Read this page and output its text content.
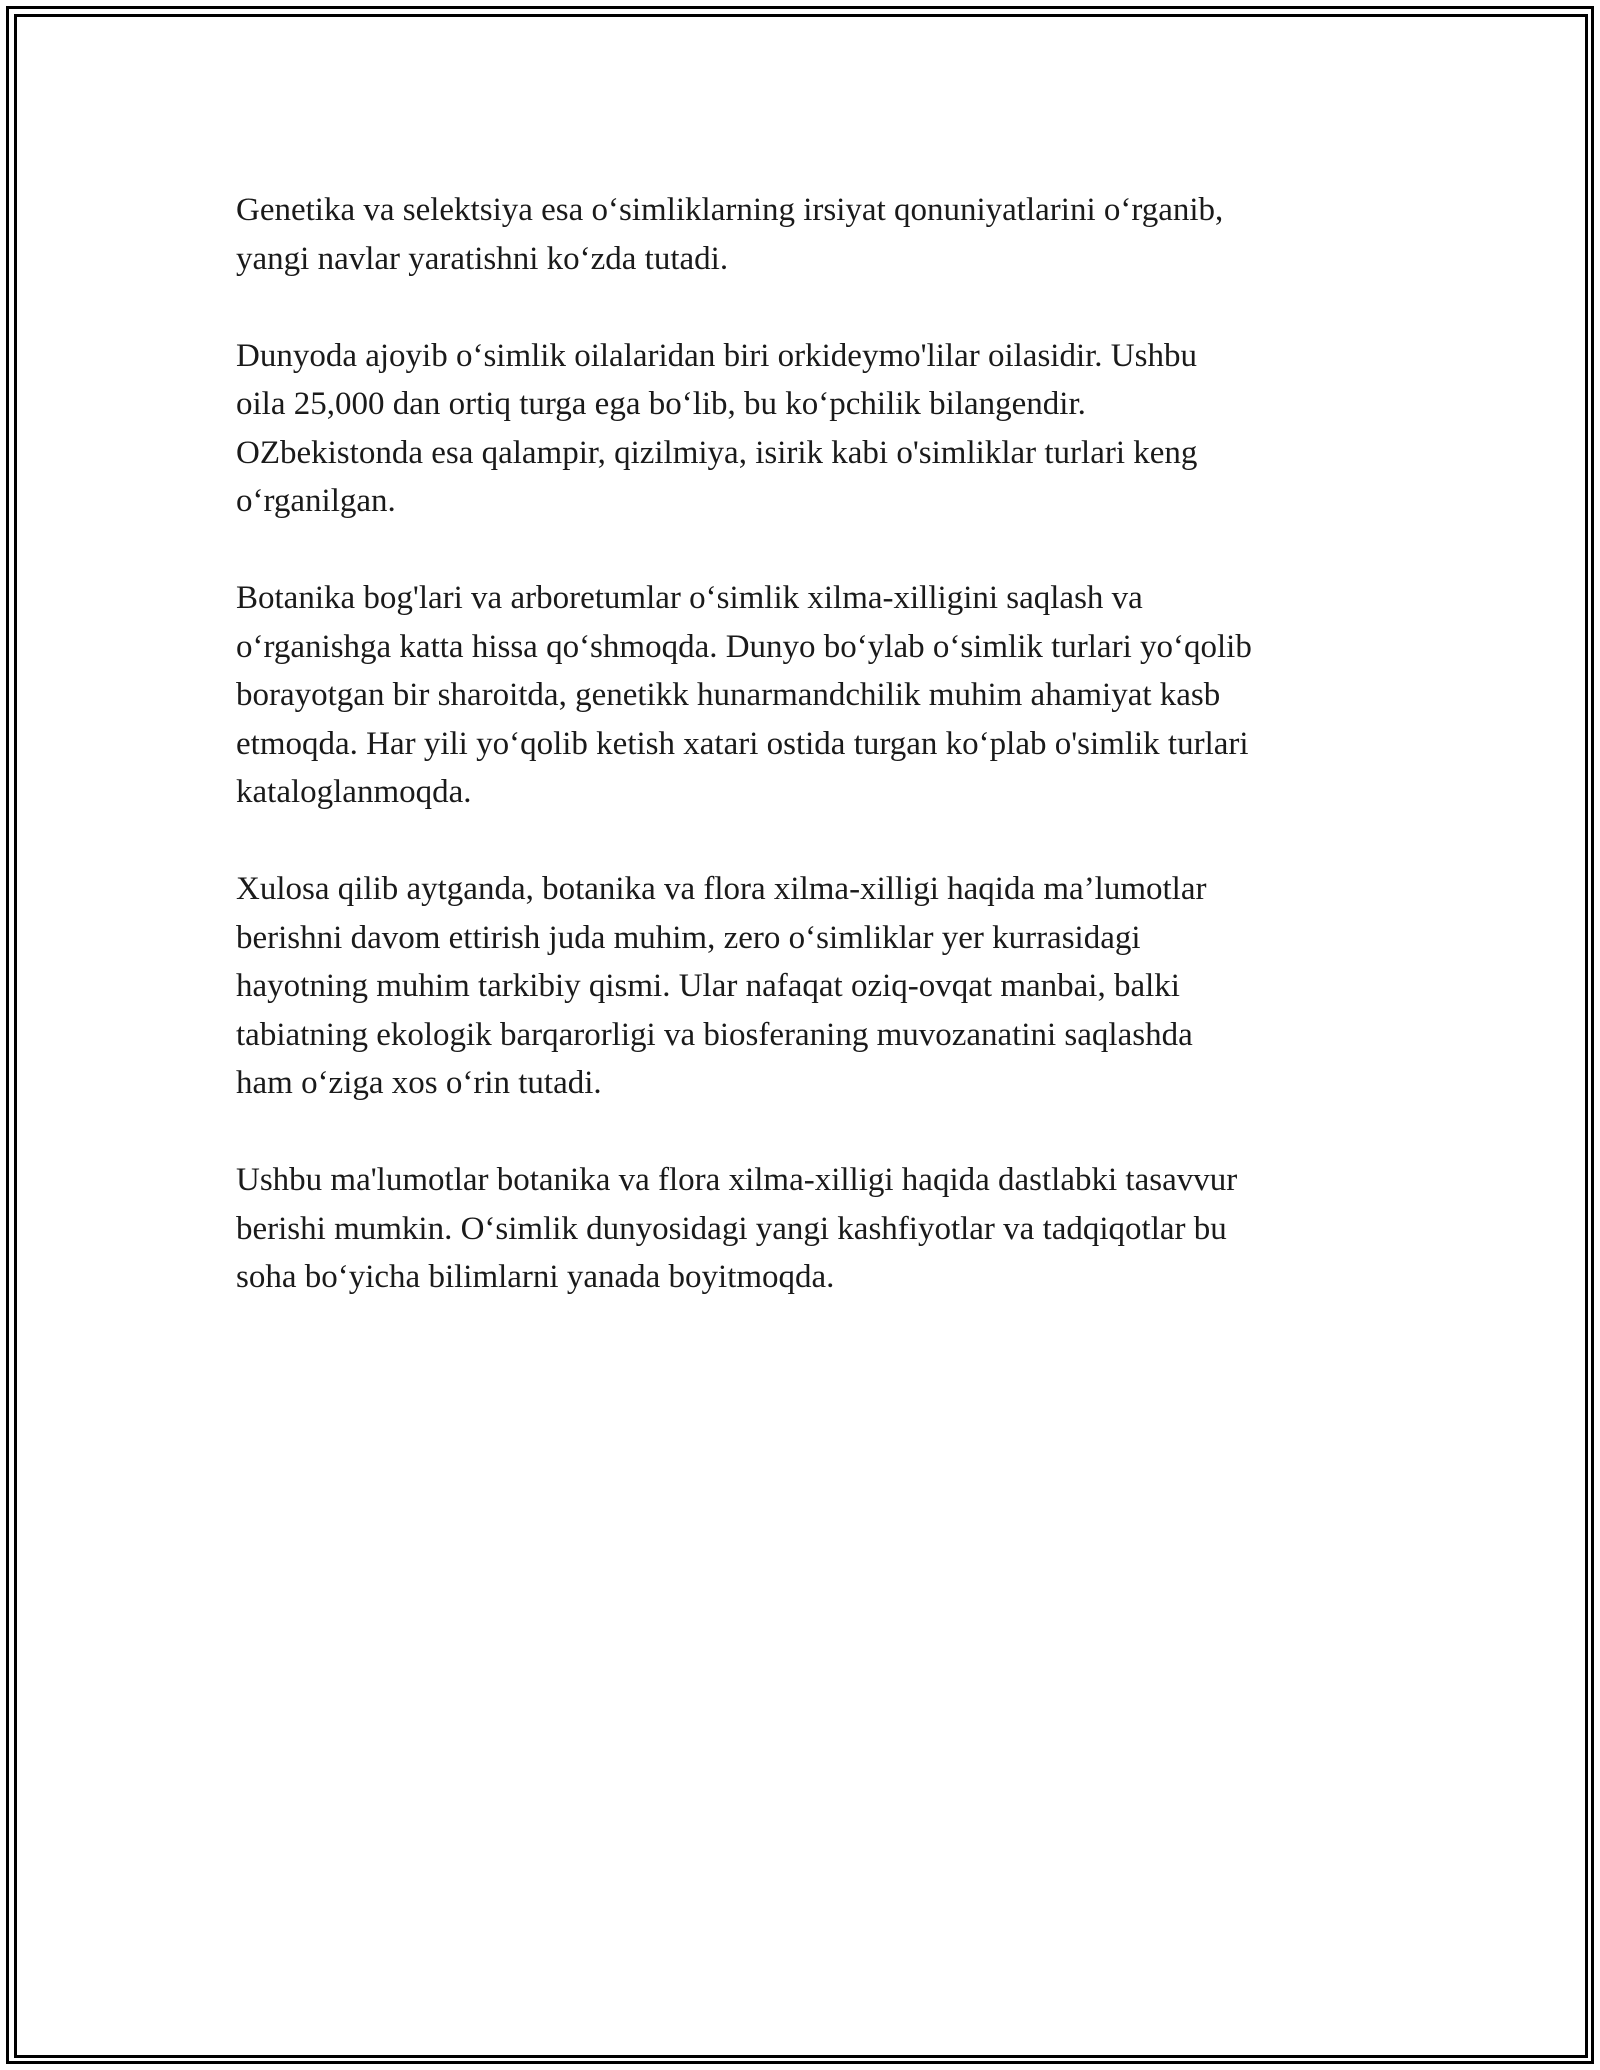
Genetika va selektsiya esa o‘simliklarning irsiyat qonuniyatlarini o‘rganib,
yangi navlar yaratishni ko‘zda tutadi.

Dunyoda ajoyib o‘simlik oilalaridan biri orkideymo'lilar oilasidir. Ushbu
oila 25,000 dan ortiq turga ega bo‘lib, bu ko‘pchilik bilangendir.
OZbekistonda esa qalampir, qizilmiya, isirik kabi o'simliklar turlari keng
o‘rganilgan.

Botanika bog'lari va arboretumlar o‘simlik xilma-xilligini saqlash va
o‘rganishga katta hissa qo‘shmoqda. Dunyo bo‘ylab o‘simlik turlari yo‘qolib
borayotgan bir sharoitda, genetikk hunarmandchilik muhim ahamiyat kasb
etmoqda. Har yili yo‘qolib ketish xatari ostida turgan ko‘plab o'simlik turlari
kataloglanmoqda.

Xulosa qilib aytganda, botanika va flora xilma-xilligi haqida ma’lumotlar
berishni davom ettirish juda muhim, zero o‘simliklar yer kurrasidagi
hayotning muhim tarkibiy qismi. Ular nafaqat oziq-ovqat manbai, balki
tabiatning ekologik barqarorligi va biosferaning muvozanatini saqlashda
ham o‘ziga xos o‘rin tutadi.

Ushbu ma'lumotlar botanika va flora xilma-xilligi haqida dastlabki tasavvur
berishi mumkin. O‘simlik dunyosidagi yangi kashfiyotlar va tadqiqotlar bu
soha bo‘yicha bilimlarni yanada boyitmoqda.
